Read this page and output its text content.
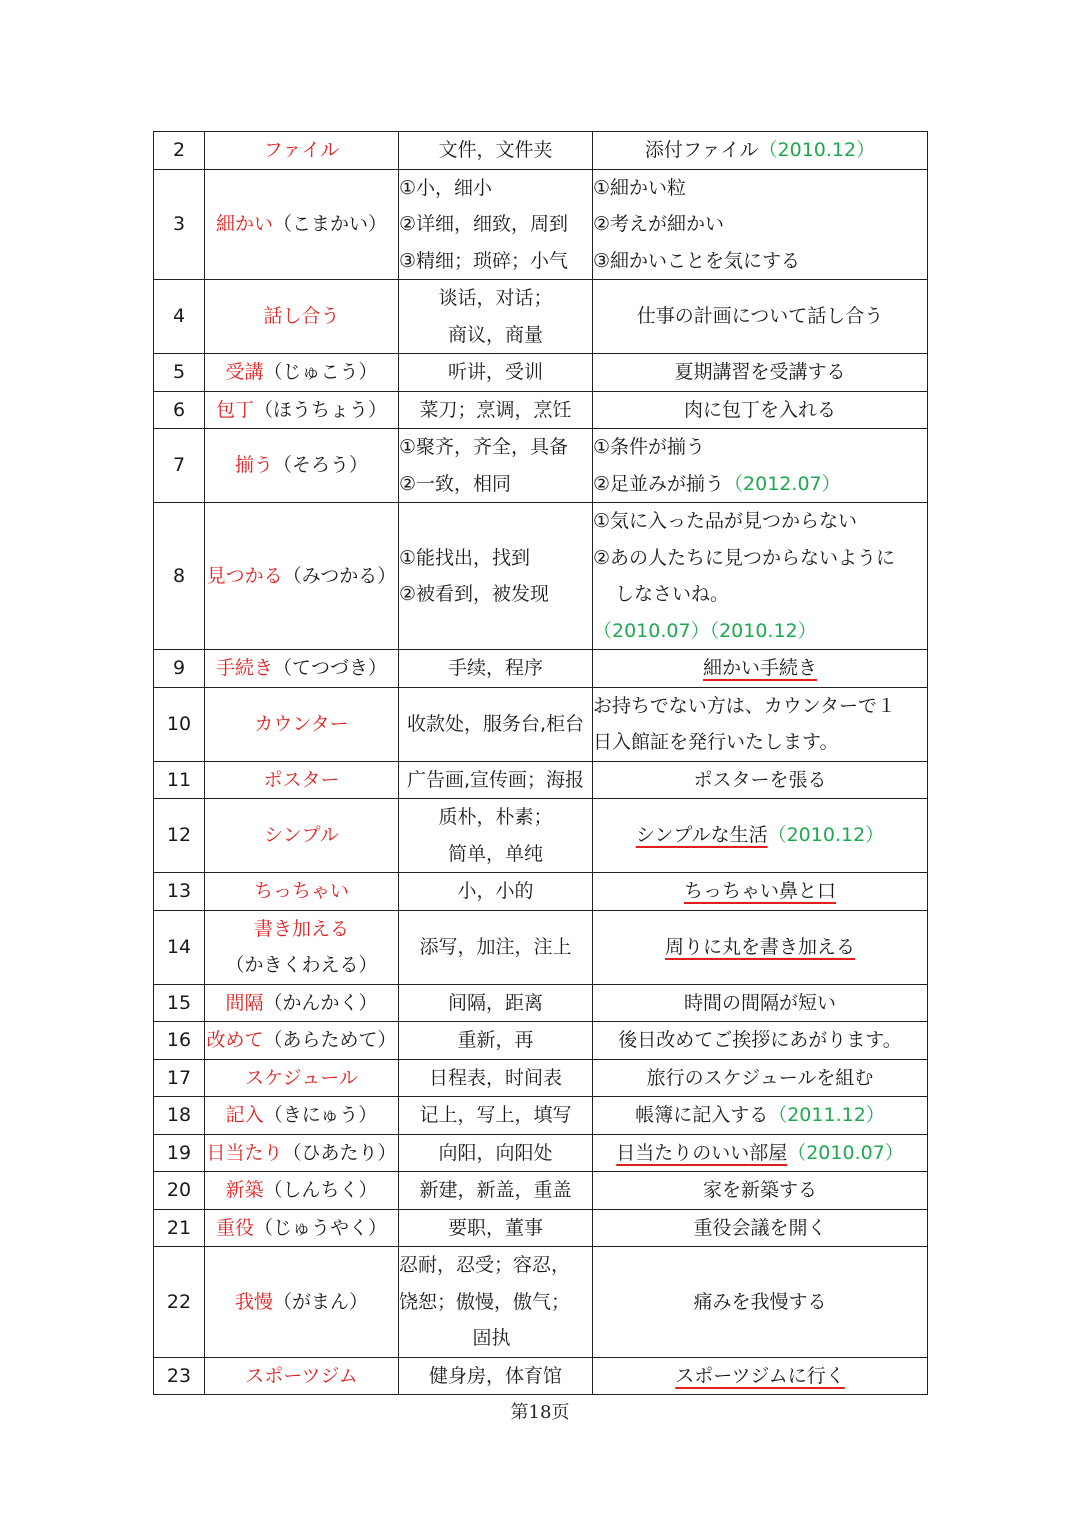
2	ファイル	文件，文件夹	添付ファイル（2010.12）
3	細かい（こまかい）	①小，细小
②详细，细致，周到
③精细；琐碎；小气	①細かい粒
②考えが細かい
③細かいことを気にする

4	話し合う	谈话，对话；
商议，商量	仕事の計画について話し合う
5	受講（じゅこう）	听讲，受训	夏期講習を受講する
6	包丁（ほうちょう）	菜刀；烹调，烹饪	肉に包丁を入れる
7	揃う（そろう）	①聚齐，齐全，具备
②一致，相同	①条件が揃う
②足並みが揃う（2012.07）

8	見つかる（みつかる）	①能找出，找到
②被看到，被发现	①気に入った品が見つからない
②あの人たちに見つからないように
しなさいね。
（2010.07）（2010.12）

9	手続き（てつづき）	手续，程序	細かい手続き
10	カウンター	收款处，服务台,柜台	お持ちでない方は、カウンターで１
日入館証を発行いたします。

11	ポスター	广告画,宣传画；海报	ポスターを張る
12	シンプル	质朴，朴素；
简单，单纯	シンプルな生活（2010.12）
13	ちっちゃい	小，小的	ちっちゃい鼻と口
14	書き加える
（かきくわえる）	添写，加注，注上	周りに丸を書き加える
15	間隔（かんかく）	间隔，距离	時間の間隔が短い
16	改めて（あらためて）	重新，再	後日改めてご挨拶にあがります。
17	スケジュール	日程表，时间表	旅行のスケジュールを組む
18	記入（きにゅう）	记上，写上，填写	帳簿に記入する（2011.12）
19	日当たり（ひあたり）	向阳，向阳处	日当たりのいい部屋（2010.07）
20	新築（しんちく）	新建，新盖，重盖	家を新築する
21	重役（じゅうやく）	要职，董事	重役会議を開く
22	我慢（がまん）	忍耐，忍受；容忍，
饶恕；傲慢，傲气；
固执	痛みを我慢する
23	スポーツジム	健身房，体育馆	スポーツジムに行く
第18页
